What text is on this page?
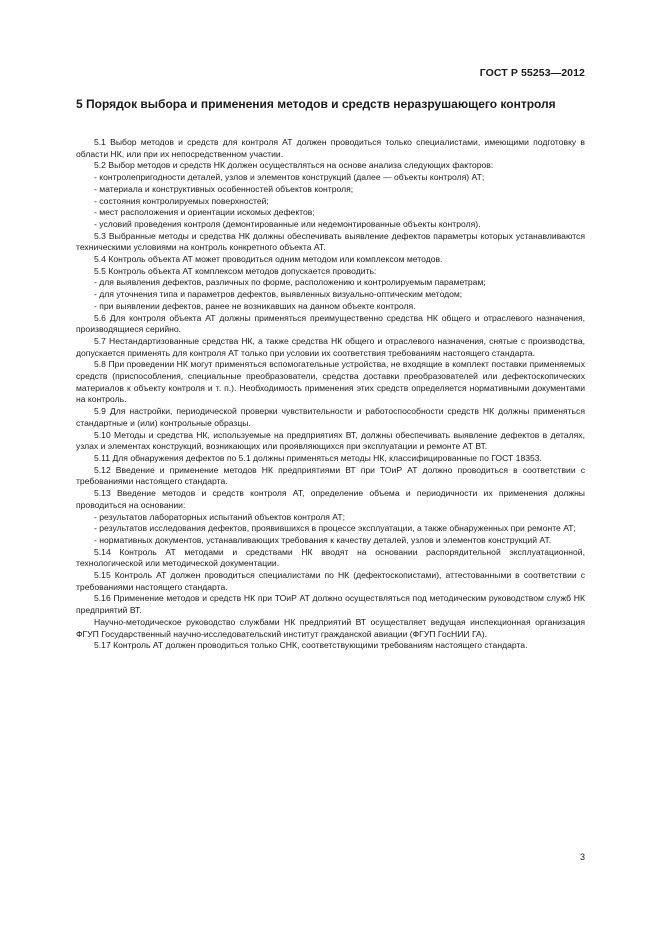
ГОСТ Р 55253—2012
5 Порядок выбора и применения методов и средств неразрушающего контроля

5.1 Выбор методов и средств для контроля АТ должен проводиться только специалистами, имеющими подготовку в области НК, или при их непосредственном участии.

5.2 Выбор методов и средств НК должен осуществляться на основе анализа следующих факторов:

- контролепригодности деталей, узлов и элементов конструкций (далее — объекты контроля) АТ;

- материала и конструктивных особенностей объектов контроля;

- состояния контролируемых поверхностей;

- мест расположения и ориентации искомых дефектов;

- условий проведения контроля (демонтированные или недемонтированные объекты контроля).

5.3 Выбранные методы и средства НК должны обеспечивать выявление дефектов параметры которых устанавливаются техническими условиями на контроль конкретного объекта АТ.

5.4 Контроль объекта АТ может проводиться одним методом или комплексом методов.

5.5 Контроль объекта АТ комплексом методов допускается проводить:

- для выявления дефектов, различных по форме, расположению и контролируемым параметрам;

- для уточнения типа и параметров дефектов, выявленных визуально-оптическим методом;

- при выявлении дефектов, ранее не возникавших на данном объекте контроля.

5.6 Для контроля объекта АТ должны применяться преимущественно средства НК общего и отраслевого назначения, производящиеся серийно.

5.7 Нестандартизованные средства НК, а также средства НК общего и отраслевого назначения, снятые с производства, допускается применять для контроля АТ только при условии их соответствия требованиям настоящего стандарта.

5.8 При проведении НК могут применяться вспомогательные устройства, не входящие в комплект поставки применяемых средств (приспособления, специальные преобразователи, средства доставки преобразователей или дефектоскопических материалов к объекту контроля и т. п.). Необходимость применения этих средств определяется нормативными документами на контроль.

5.9 Для настройки, периодической проверки чувствительности и работоспособности средств НК должны применяться стандартные и (или) контрольные образцы.

5.10 Методы и средства НК, используемые на предприятиях ВТ, должны обеспечивать выявление дефектов в деталях, узлах и элементах конструкций, возникающих или проявляющихся при эксплуатации и ремонте АТ ВТ.

5.11 Для обнаружения дефектов по 5.1 должны применяться методы НК, классифицированные по ГОСТ 18353.

5.12 Введение и применение методов НК предприятиями ВТ при ТОиР АТ должно проводиться в соответствии с требованиями настоящего стандарта.

5.13 Введение методов и средств контроля АТ, определение объема и периодичности их применения должны проводиться на основании:

- результатов лабораторных испытаний объектов контроля АТ;

- результатов исследования дефектов, проявившихся в процессе эксплуатации, а также обнаруженных при ремонте АТ;

- нормативных документов, устанавливающих требования к качеству деталей, узлов и элементов конструкций АТ.

5.14 Контроль АТ методами и средствами НК вводят на основании распорядительной эксплуатационной, технологической или методической документации.

5.15 Контроль АТ должен проводиться специалистами по НК (дефектоскопистами), аттестованными в соответствии с требованиями настоящего стандарта.

5.16 Применение методов и средств НК при ТОиР АТ должно осуществляться под методическим руководством служб НК предприятий ВТ.

Научно-методическое руководство службами НК предприятий ВТ осуществляет ведущая инспекционная организация ФГУП Государственный научно-исследовательский институт гражданской авиации (ФГУП ГосНИИ ГА).

5.17 Контроль АТ должен проводиться только СНК, соответствующими требованиям настоящего стандарта.

3
